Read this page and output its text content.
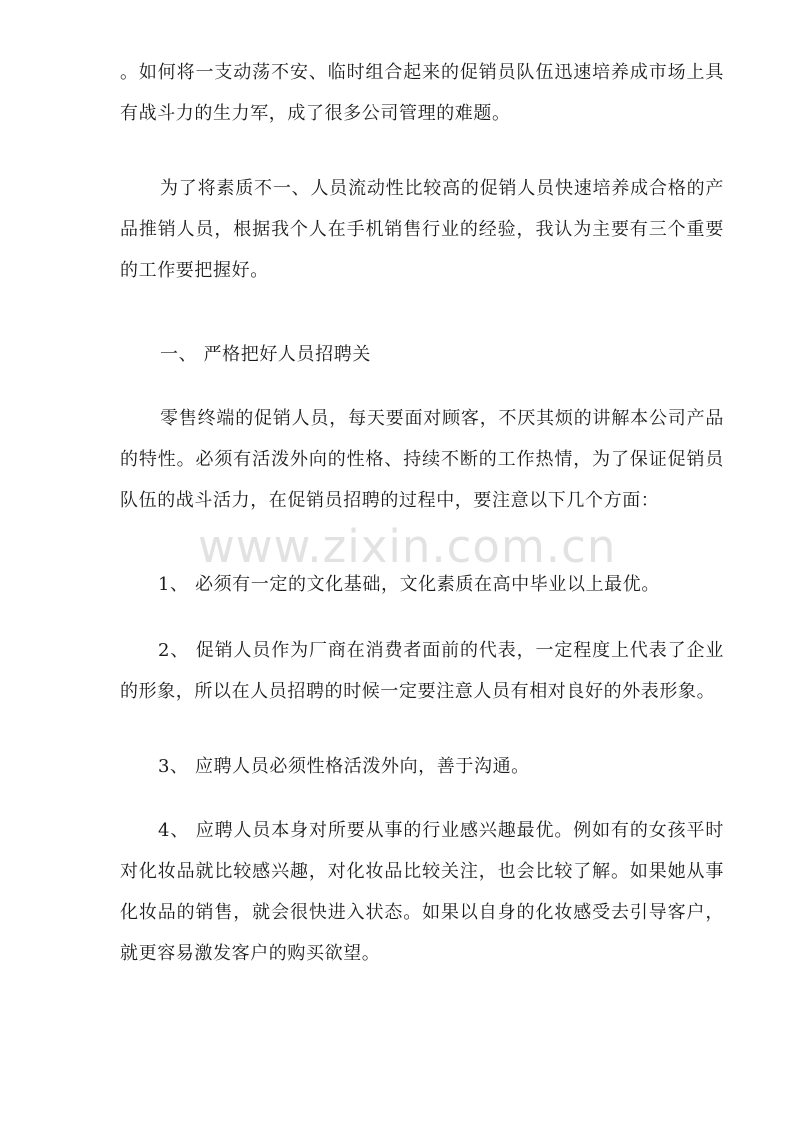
。如何将一支动荡不安、临时组合起来的促销员队伍迅速培养成市场上具有战斗力的生力军，成了很多公司管理的难题。

为了将素质不一、人员流动性比较高的促销人员快速培养成合格的产品推销人员，根据我个人在手机销售行业的经验，我认为主要有三个重要的工作要把握好。

一、 严格把好人员招聘关

零售终端的促销人员，每天要面对顾客，不厌其烦的讲解本公司产品的特性。必须有活泼外向的性格、持续不断的工作热情，为了保证促销员队伍的战斗活力，在促销员招聘的过程中，要注意以下几个方面：

www.zixin.com.cn

1、 必须有一定的文化基础，文化素质在高中毕业以上最优。

2、 促销人员作为厂商在消费者面前的代表，一定程度上代表了企业的形象，所以在人员招聘的时候一定要注意人员有相对良好的外表形象。

3、 应聘人员必须性格活泼外向，善于沟通。

4、 应聘人员本身对所要从事的行业感兴趣最优。例如有的女孩平时对化妆品就比较感兴趣，对化妆品比较关注，也会比较了解。如果她从事化妆品的销售，就会很快进入状态。如果以自身的化妆感受去引导客户，就更容易激发客户的购买欲望。
